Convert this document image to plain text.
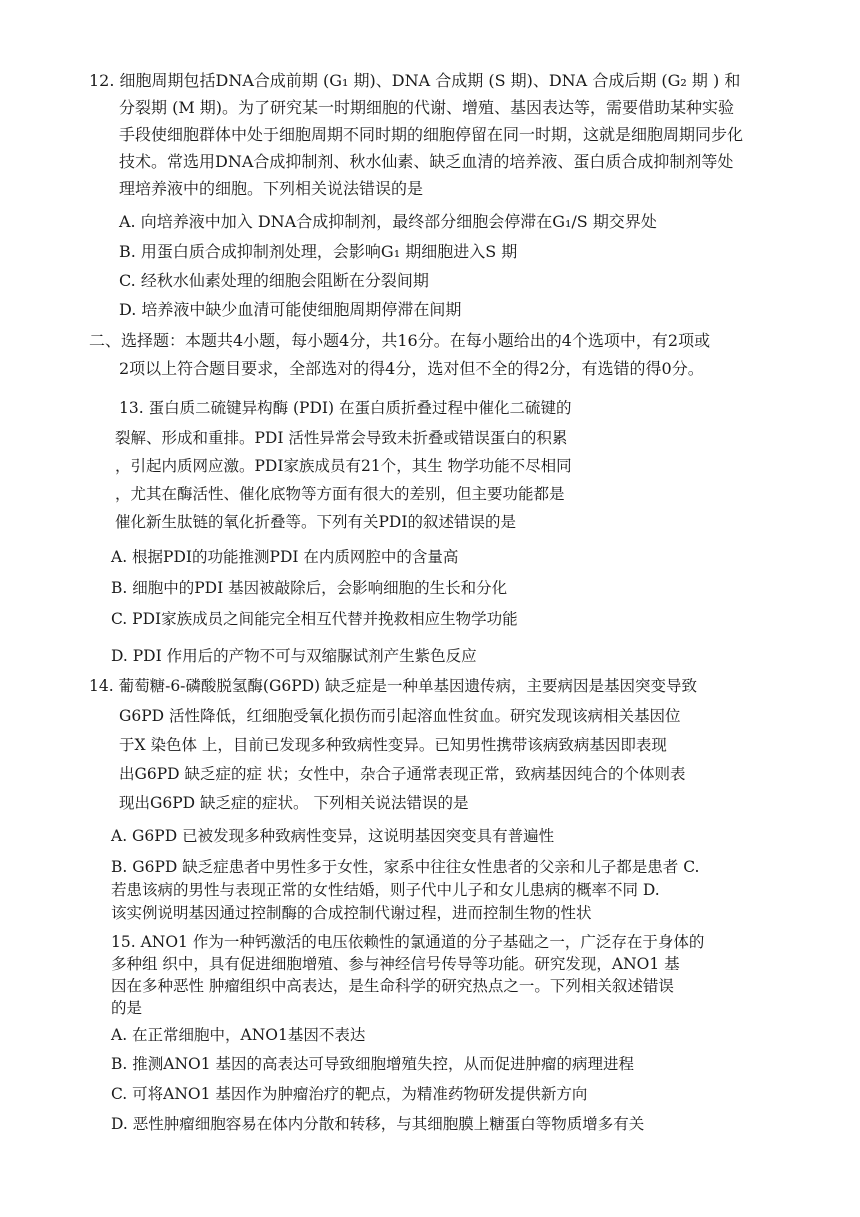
12. 细胞周期包括DNA合成前期 (G₁ 期)、DNA 合成期 (S 期)、DNA 合成后期 (G₂ 期 ) 和
分裂期 (M 期)。为了研究某一时期细胞的代谢、增殖、基因表达等，需要借助某种实验
手段使细胞群体中处于细胞周期不同时期的细胞停留在同一时期，这就是细胞周期同步化
技术。常选用DNA合成抑制剂、秋水仙素、缺乏血清的培养液、蛋白质合成抑制剂等处
理培养液中的细胞。下列相关说法错误的是
A. 向培养液中加入 DNA合成抑制剂，最终部分细胞会停滞在G₁/S 期交界处
B. 用蛋白质合成抑制剂处理，会影响G₁ 期细胞进入S 期
C. 经秋水仙素处理的细胞会阻断在分裂间期
D. 培养液中缺少血清可能使细胞周期停滞在间期
二、选择题：本题共4小题，每小题4分，共16分。在每小题给出的4个选项中，有2项或
2项以上符合题目要求，全部选对的得4分，选对但不全的得2分，有选错的得0分。
13. 蛋白质二硫键异构酶 (PDI) 在蛋白质折叠过程中催化二硫键的
裂解、形成和重排。PDI 活性异常会导致未折叠或错误蛋白的积累
，引起内质网应激。PDI家族成员有21个，其生 物学功能不尽相同
，尤其在酶活性、催化底物等方面有很大的差别，但主要功能都是
催化新生肽链的氧化折叠等。下列有关PDI的叙述错误的是
A. 根据PDI的功能推测PDI 在内质网腔中的含量高
B. 细胞中的PDI 基因被敲除后，会影响细胞的生长和分化
C. PDI家族成员之间能完全相互代替并挽救相应生物学功能
D. PDI 作用后的产物不可与双缩脲试剂产生紫色反应
14. 葡萄糖-6-磷酸脱氢酶(G6PD) 缺乏症是一种单基因遗传病，主要病因是基因突变导致
G6PD 活性降低，红细胞受氧化损伤而引起溶血性贫血。研究发现该病相关基因位
于X 染色体 上，目前已发现多种致病性变异。已知男性携带该病致病基因即表现
出G6PD 缺乏症的症 状；女性中，杂合子通常表现正常，致病基因纯合的个体则表
现出G6PD 缺乏症的症状。 下列相关说法错误的是
A. G6PD 已被发现多种致病性变异，这说明基因突变具有普遍性
B. G6PD 缺乏症患者中男性多于女性，家系中往往女性患者的父亲和儿子都是患者 C.
若患该病的男性与表现正常的女性结婚，则子代中儿子和女儿患病的概率不同 D.
该实例说明基因通过控制酶的合成控制代谢过程，进而控制生物的性状
15. ANO1 作为一种钙激活的电压依赖性的氯通道的分子基础之一，广泛存在于身体的
多种组 织中，具有促进细胞增殖、参与神经信号传导等功能。研究发现，ANO1 基
因在多种恶性 肿瘤组织中高表达，是生命科学的研究热点之一。下列相关叙述错误
的是
A. 在正常细胞中，ANO1基因不表达
B. 推测ANO1 基因的高表达可导致细胞增殖失控，从而促进肿瘤的病理进程
C. 可将ANO1 基因作为肿瘤治疗的靶点，为精准药物研发提供新方向
D. 恶性肿瘤细胞容易在体内分散和转移，与其细胞膜上糖蛋白等物质增多有关
